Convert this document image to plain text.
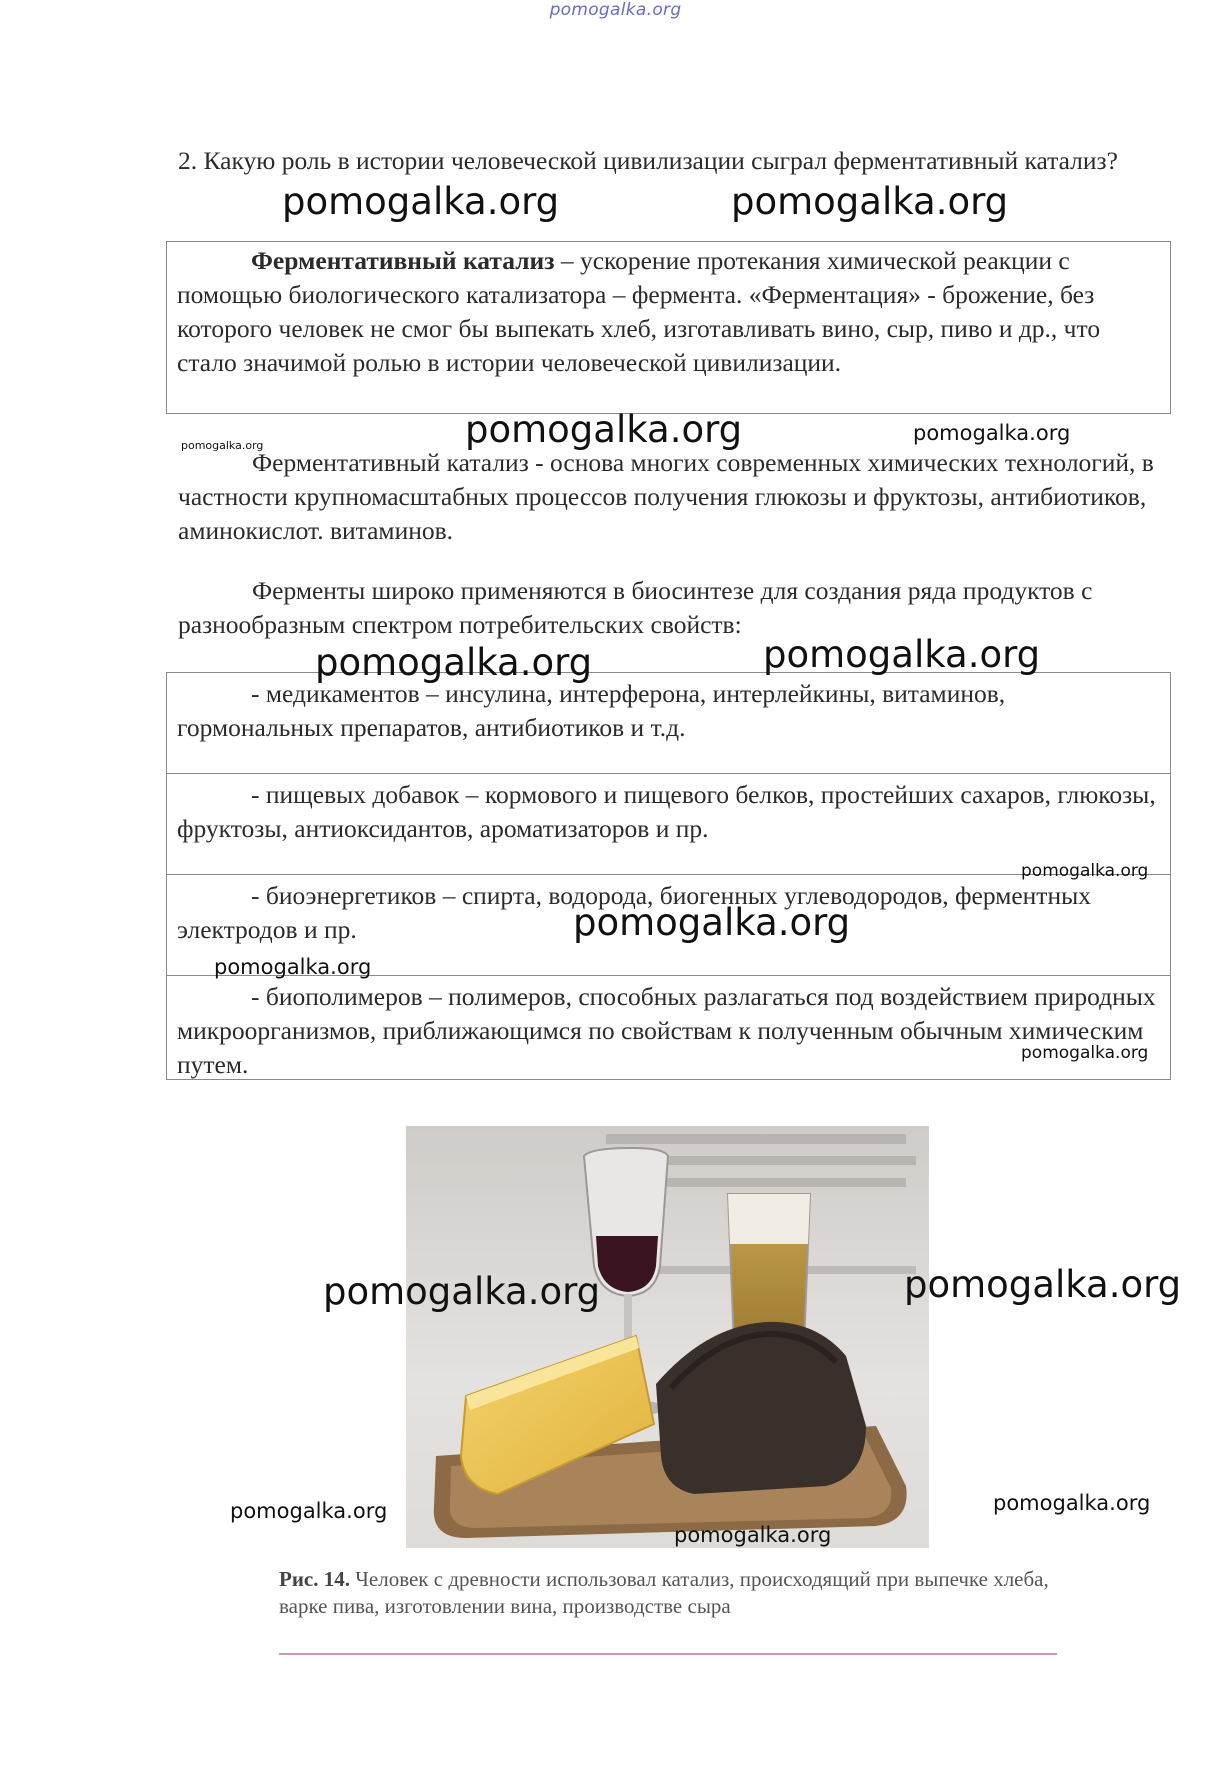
pomogalka.org
2. Какую роль в истории человеческой цивилизации сыграл ферментативный катализ?
Ферментативный катализ – ускорение протекания химической реакции с помощью биологического катализатора – фермента. «Ферментация» - брожение, без которого человек не смог бы выпекать хлеб, изготавливать вино, сыр, пиво и др., что стало значимой ролью в истории человеческой цивилизации.
Ферментативный катализ - основа многих современных химических технологий, в частности крупномасштабных процессов получения глюкозы и фруктозы, антибиотиков, аминокислот. витаминов.
Ферменты широко применяются в биосинтезе для создания ряда продуктов с разнообразным спектром потребительских свойств:
- медикаментов – инсулина, интерферона, интерлейкины, витаминов, гормональных препаратов, антибиотиков и т.д.
- пищевых добавок – кормового и пищевого белков, простейших сахаров, глюкозы, фруктозы, антиоксидантов, ароматизаторов и пр.
- биоэнергетиков – спирта, водорода, биогенных углеводородов, ферментных электродов и пр.
- биополимеров – полимеров, способных разлагаться под воздействием природных микроорганизмов, приближающимся по свойствам к полученным обычным химическим путем.
Рис. 14. Человек с древности использовал катализ, происходящий при выпечке хлеба, варке пива, изготовлении вина, производстве сыра
pomogalka.org	pomogalka.org
pomogalka.org	pomogalka.org
pomogalka.org
pomogalka.org	pomogalka.org
pomogalka.org
pomogalka.org
pomogalka.org
pomogalka.org
pomogalka.org	pomogalka.org
pomogalka.org	pomogalka.org
pomogalka.org
